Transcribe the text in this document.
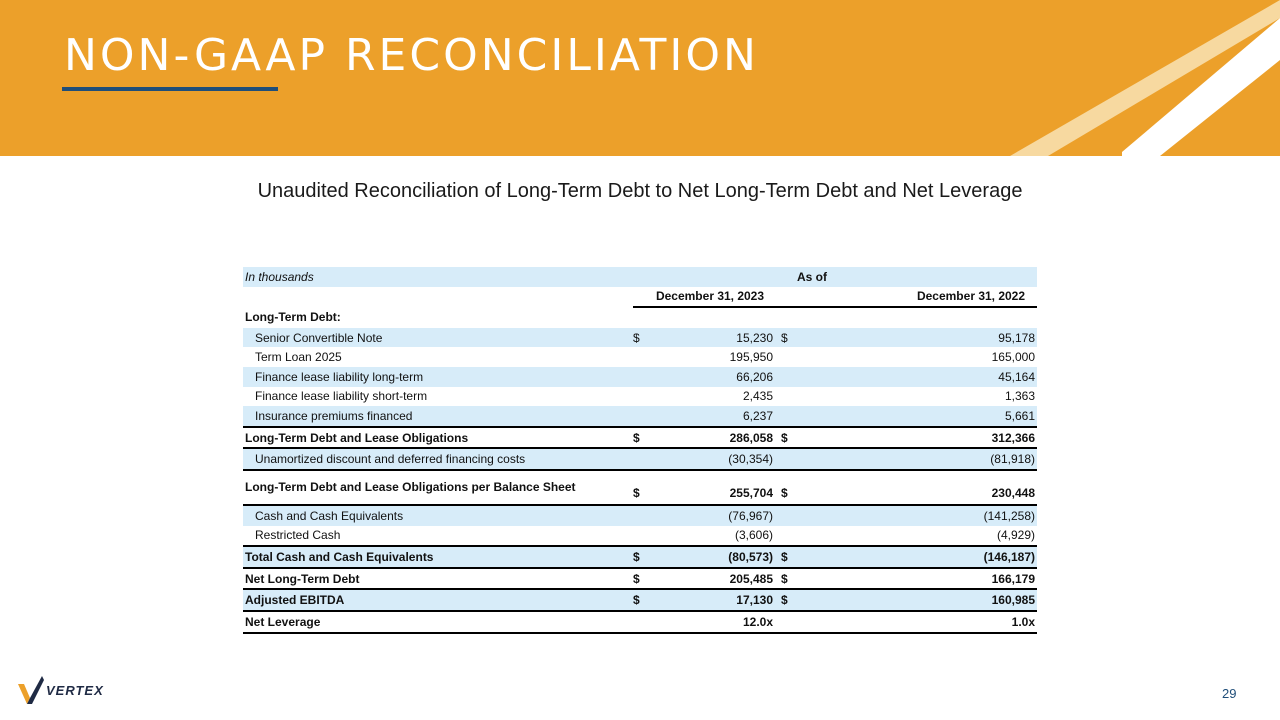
NON-GAAP RECONCILIATION
Unaudited Reconciliation of Long-Term Debt to Net Long-Term Debt and Net Leverage
In thousands		As of		
		December 31, 2023		December 31, 2022
Long-Term Debt:				
Senior Convertible Note	$	15,230	$	95,178
Term Loan 2025		195,950		165,000
Finance lease liability long-term		66,206		45,164
Finance lease liability short-term		2,435		1,363
Insurance premiums financed		6,237		5,661
Long-Term Debt and Lease Obligations	$	286,058	$	312,366
Unamortized discount and deferred financing costs		(30,354)		(81,918)
Long-Term Debt and Lease Obligations per Balance Sheet	$	255,704	$	230,448
Cash and Cash Equivalents		(76,967)		(141,258)
Restricted Cash		(3,606)		(4,929)
Total Cash and Cash Equivalents	$	(80,573)	$	(146,187)
Net Long-Term Debt	$	205,485	$	166,179
Adjusted EBITDA	$	17,130	$	160,985
Net Leverage		12.0x		1.0x
VERTEX	29
